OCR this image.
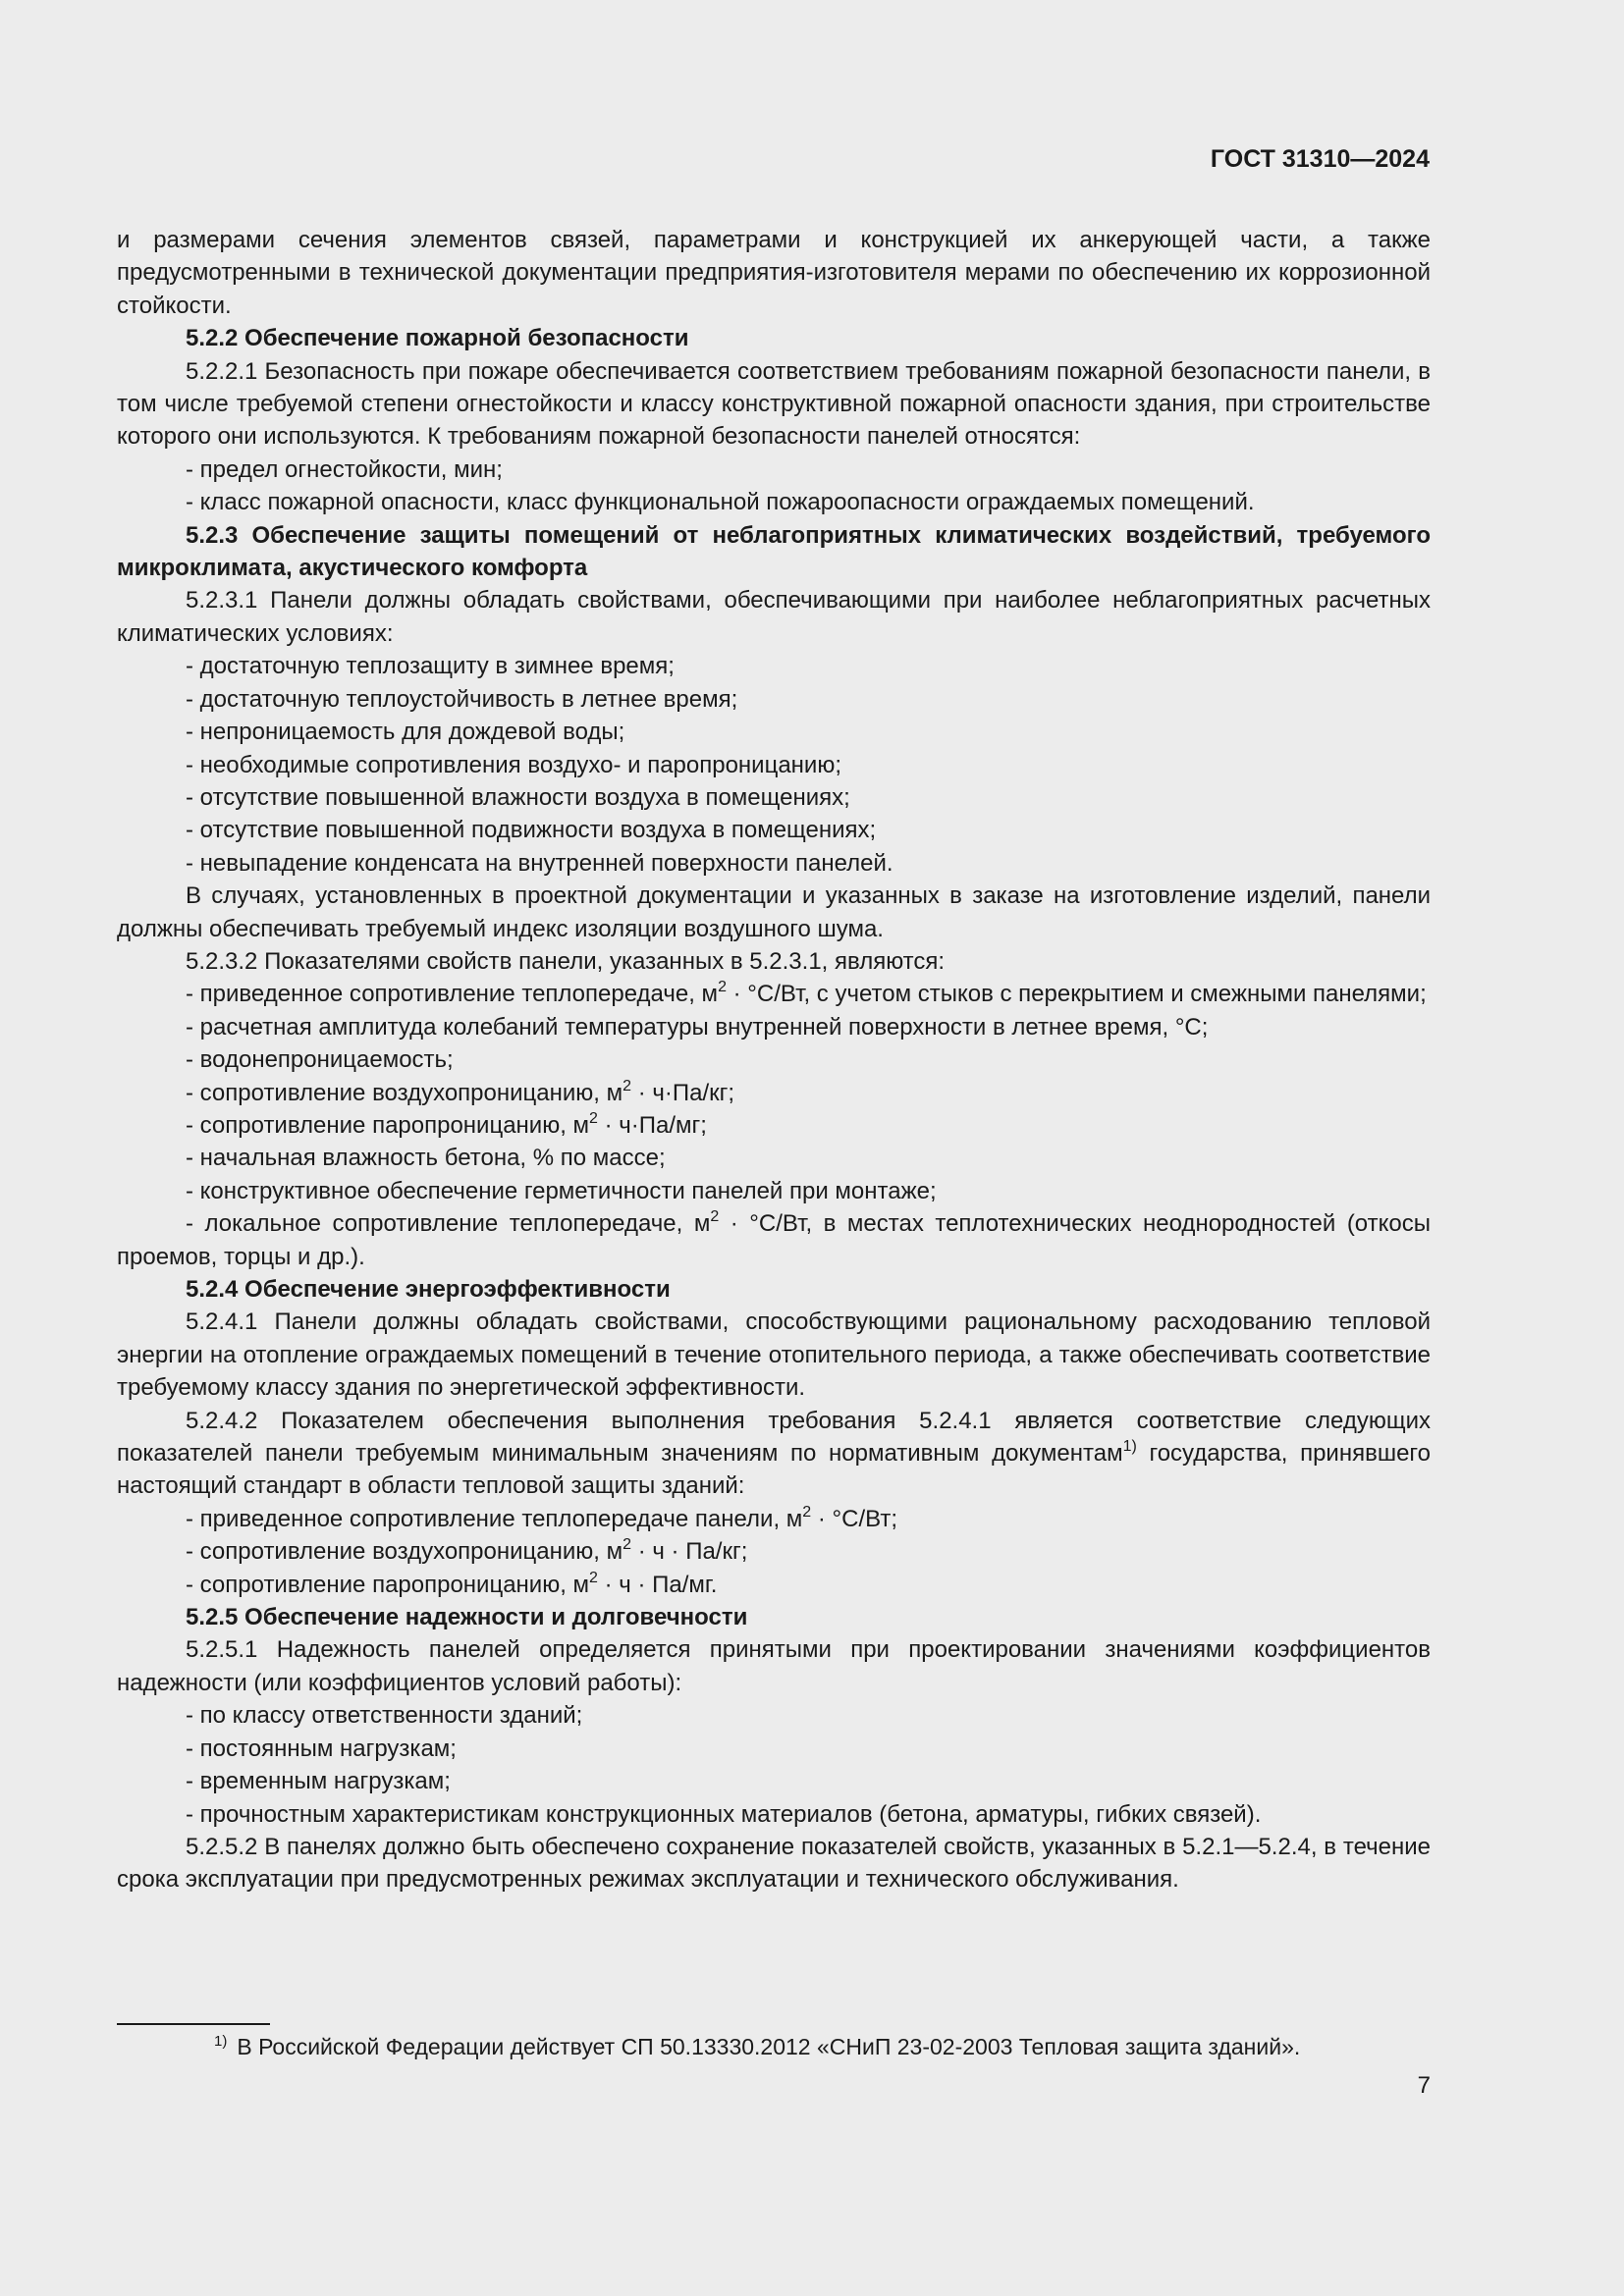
ГОСТ 31310—2024

и размерами сечения элементов связей, параметрами и конструкцией их анкерующей части, а также предусмотренными в технической документации предприятия-изготовителя мерами по обеспечению их коррозионной стойкости.

5.2.2 Обеспечение пожарной безопасности

5.2.2.1 Безопасность при пожаре обеспечивается соответствием требованиям пожарной безопасности панели, в том числе требуемой степени огнестойкости и классу конструктивной пожарной опасности здания, при строительстве которого они используются. К требованиям пожарной безопасности панелей относятся:

- предел огнестойкости, мин;

- класс пожарной опасности, класс функциональной пожароопасности ограждаемых помещений.

5.2.3 Обеспечение защиты помещений от неблагоприятных климатических воздействий, требуемого микроклимата, акустического комфорта

5.2.3.1 Панели должны обладать свойствами, обеспечивающими при наиболее неблагоприятных расчетных климатических условиях:

- достаточную теплозащиту в зимнее время;

- достаточную теплоустойчивость в летнее время;

- непроницаемость для дождевой воды;

- необходимые сопротивления воздухо- и паропроницанию;

- отсутствие повышенной влажности воздуха в помещениях;

- отсутствие повышенной подвижности воздуха в помещениях;

- невыпадение конденсата на внутренней поверхности панелей.

В случаях, установленных в проектной документации и указанных в заказе на изготовление изделий, панели должны обеспечивать требуемый индекс изоляции воздушного шума.

5.2.3.2 Показателями свойств панели, указанных в 5.2.3.1, являются:

- приведенное сопротивление теплопередаче, $м^2 \cdot ^\circ С/Вт$, с учетом стыков с перекрытием и смежными панелями;

- расчетная амплитуда колебаний температуры внутренней поверхности в летнее время, °С;

- водонепроницаемость;

- сопротивление воздухопроницанию, $м^2 \cdot ч\cdot Па/кг$;

- сопротивление паропроницанию, $м^2 \cdot ч\cdot Па/мг$;

- начальная влажность бетона, % по массе;

- конструктивное обеспечение герметичности панелей при монтаже;

- локальное сопротивление теплопередаче, $м^2 \cdot ^\circ С/Вт$, в местах теплотехнических неоднородностей (откосы проемов, торцы и др.).

5.2.4 Обеспечение энергоэффективности

5.2.4.1 Панели должны обладать свойствами, способствующими рациональному расходованию тепловой энергии на отопление ограждаемых помещений в течение отопительного периода, а также обеспечивать соответствие требуемому классу здания по энергетической эффективности.

5.2.4.2 Показателем обеспечения выполнения требования 5.2.4.1 является соответствие следующих показателей панели требуемым минимальным значениям по нормативным документам$^{1)}$ государства, принявшего настоящий стандарт в области тепловой защиты зданий:

- приведенное сопротивление теплопередаче панели, $м^2 \cdot ^\circ С/Вт$;

- сопротивление воздухопроницанию, $м^2 \cdot ч \cdot Па/кг$;

- сопротивление паропроницанию, $м^2 \cdot ч \cdot Па/мг$.

5.2.5 Обеспечение надежности и долговечности

5.2.5.1 Надежность панелей определяется принятыми при проектировании значениями коэффициентов надежности (или коэффициентов условий работы):

- по классу ответственности зданий;

- постоянным нагрузкам;

- временным нагрузкам;

- прочностным характеристикам конструкционных материалов (бетона, арматуры, гибких связей).

5.2.5.2 В панелях должно быть обеспечено сохранение показателей свойств, указанных в 5.2.1—5.2.4, в течение срока эксплуатации при предусмотренных режимах эксплуатации и технического обслуживания.

$^{1)}$ В Российской Федерации действует СП 50.13330.2012 «СНиП 23-02-2003 Тепловая защита зданий».
7
